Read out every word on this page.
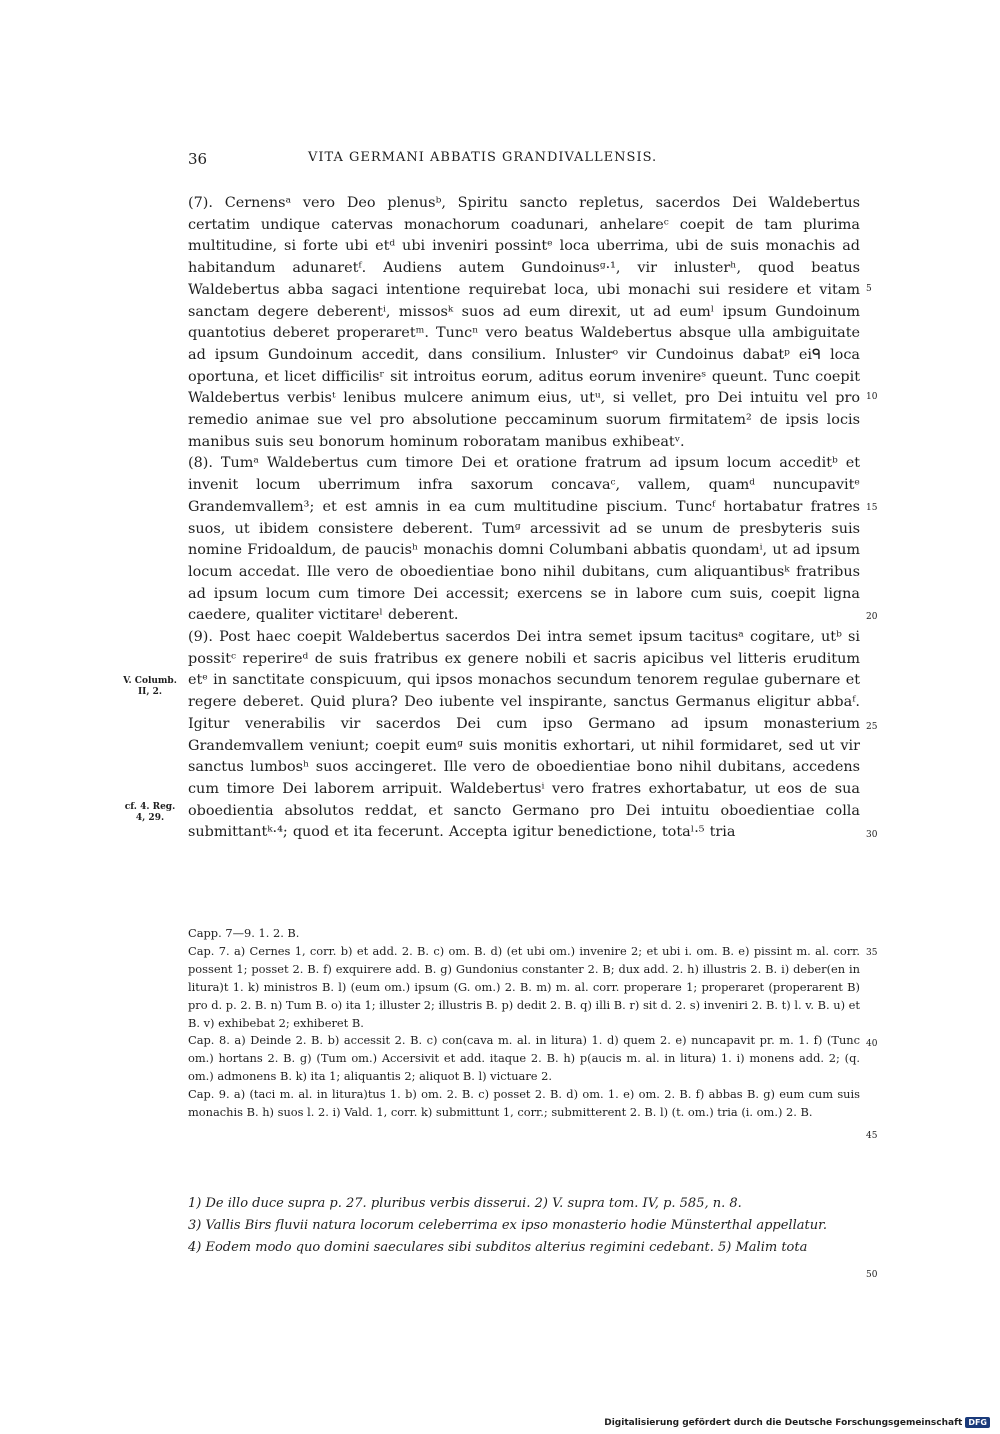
36	VITA GERMANI ABBATIS GRANDIVALLENSIS.
(7). Cernensᵃ vero Deo plenusᵇ, Spiritu sancto repletus, sacerdos Dei Waldebertus certatim undique catervas monachorum coadunari, anhelareᶜ coepit de tam plurima multitudine, si forte ubi etᵈ ubi inveniri possintᵉ loca uberrima, ubi de suis monachis ad habitandum adunaretᶠ. Audiens autem Gundoinusᵍ·¹, vir inlusterʰ, quod beatus Waldebertus abba sagaci intentione requirebat loca, ubi monachi sui residere et vitam sanctam degere deberentⁱ, missosᵏ suos ad eum direxit, ut ad eumˡ ipsum Gundoinum quantotius deberet properaretᵐ. Tuncⁿ vero beatus Waldebertus absque ulla ambiguitate ad ipsum Gundoinum accedit, dans consilium. Inlusterᵒ vir Cundoinus dabatᵖ eiᑫ loca oportuna, et licet difficilisʳ sit introitus eorum, aditus eorum invenireˢ queunt. Tunc coepit Waldebertus verbisᵗ lenibus mulcere animum eius, utᵘ, si vellet, pro Dei intuitu vel pro remedio animae sue vel pro absolutione peccaminum suorum firmitatem² de ipsis locis manibus suis seu bonorum hominum roboratam manibus exhibeatᵛ.
(8). Tumᵃ Waldebertus cum timore Dei et oratione fratrum ad ipsum locum acceditᵇ et invenit locum uberrimum infra saxorum concavaᶜ, vallem, quamᵈ nuncupavitᵉ Grandemvallem³; et est amnis in ea cum multitudine piscium. Tuncᶠ hortabatur fratres suos, ut ibidem consistere deberent. Tumᵍ arcessivit ad se unum de presbyteris suis nomine Fridoaldum, de paucisʰ monachis domni Columbani abbatis quondamⁱ, ut ad ipsum locum accedat. Ille vero de oboedientiae bono nihil dubitans, cum aliquantibusᵏ fratribus ad ipsum locum cum timore Dei accessit; exercens se in labore cum suis, coepit ligna caedere, qualiter victitareˡ deberent.
(9). Post haec coepit Waldebertus sacerdos Dei intra semet ipsum tacitusᵃ cogitare, utᵇ si possitᶜ reperireᵈ de suis fratribus ex genere nobili et sacris apicibus vel litteris eruditum etᵉ in sanctitate conspicuum, qui ipsos monachos secundum tenorem regulae gubernare et regere deberet. Quid plura? Deo iubente vel inspirante, sanctus Germanus eligitur abbaᶠ. Igitur venerabilis vir sacerdos Dei cum ipso Germano ad ipsum monasterium Grandemvallem veniunt; coepit eumᵍ suis monitis exhortari, ut nihil formidaret, sed ut vir sanctus lumbosʰ suos accingeret. Ille vero de oboedientiae bono nihil dubitans, accedens cum timore Dei laborem arripuit. Waldebertusⁱ vero fratres exhortabatur, ut eos de sua oboedientia absolutos reddat, et sancto Germano pro Dei intuitu oboedientiae colla submittantᵏ·⁴; quod et ita fecerunt. Accepta igitur benedictione, totaˡ·⁵ tria
5
10
15
20
25
30
35
40
45
50
V. Columb. II, 2.
cf. 4. Reg. 4, 29.
Capp. 7—9. 1. 2. B.
Cap. 7. a) Cernes 1, corr. b) et add. 2. B. c) om. B. d) (et ubi om.) invenire 2; et ubi i. om. B. e) pissint m. al. corr. possent 1; posset 2. B. f) exquirere add. B. g) Gundonius constanter 2. B; dux add. 2. h) illustris 2. B. i) deber(en in litura)t 1. k) ministros B. l) (eum om.) ipsum (G. om.) 2. B. m) m. al. corr. properare 1; properaret (properarent B) pro d. p. 2. B. n) Tum B. o) ita 1; illuster 2; illustris B. p) dedit 2. B. q) illi B. r) sit d. 2. s) inveniri 2. B. t) l. v. B. u) et B. v) exhibebat 2; exhiberet B.
Cap. 8. a) Deinde 2. B. b) accessit 2. B. c) con(cava m. al. in litura) 1. d) quem 2. e) nuncapavit pr. m. 1. f) (Tunc om.) hortans 2. B. g) (Tum om.) Accersivit et add. itaque 2. B. h) p(aucis m. al. in litura) 1. i) monens add. 2; (q. om.) admonens B. k) ita 1; aliquantis 2; aliquot B. l) victuare 2.
Cap. 9. a) (taci m. al. in litura)tus 1. b) om. 2. B. c) posset 2. B. d) om. 1. e) om. 2. B. f) abbas B. g) eum cum suis monachis B. h) suos l. 2. i) Vald. 1, corr. k) submittunt 1, corr.; submitterent 2. B. l) (t. om.) tria (i. om.) 2. B.
1) De illo duce supra p. 27. pluribus verbis disserui. 2) V. supra tom. IV, p. 585, n. 8.
3) Vallis Birs fluvii natura locorum celeberrima ex ipso monasterio hodie Münsterthal appellatur.
4) Eodem modo quo domini saeculares sibi subditos alterius regimini cedebant. 5) Malim tota
Digitalisierung gefördert durch die Deutsche Forschungsgemeinschaft DFG
